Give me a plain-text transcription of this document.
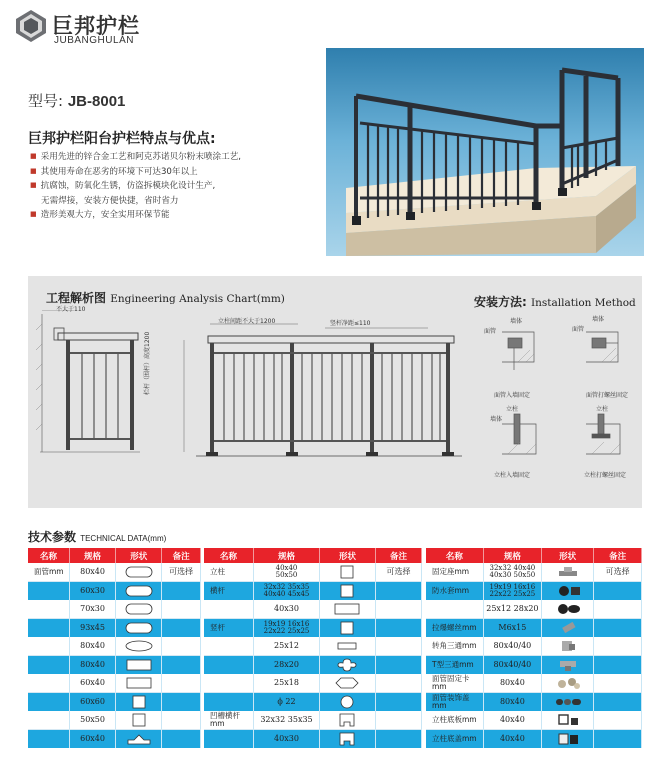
巨邦护栏
JUBANGHULAN
型号: JB-8001
巨邦护栏阳台护栏特点与优点:
■ 采用先进的锌合金工艺和阿克苏诺贝尔粉末喷涂工艺,
■ 其使用寿命在恶劣的环境下可达30年以上
■ 抗腐蚀，防氧化生锈，仿盗拆模块化设计生产,
无需焊接，安装方便快捷，省时省力
■ 造形美观大方，安全实用环保节能
工程解析图 Engineering Analysis Chart(mm)	安装方法: Installation Method
不大于110
立柱间距不大于1200	竖杆净距≤110
栏杆（围杆）高度1200
墙体
面管
面管入墙固定
墙体
面管
面管打螺丝固定
立柱
墙体
立柱入墙固定
立柱
立柱打螺丝固定
技术参数 TECHNICAL DATA(mm)
名称	规格	形状	备注
面管mm	80x40		可选择

	60x30

	70x30

	93x45

	80x40

	80x40

	60x40

	60x60

	50x50

	60x40

名称	规格	形状	备注
立柱	40x40
50x50		可选择
横杆	32x32 35x35
40x40 45x45

	40x30

竖杆	19x19 16x16
22x22 25x25

	25x12

	28x20

	25x18

	ϕ 22

凹槽横杆mm	32x32 35x35

	40x30

名称	规格	形状	备注
固定座mm	32x32 40x40
40x30 50x50		可选择
防水套mm	19x19 16x16
22x22 25x25

	25x12 28x20

拉爆螺丝mm	M6x15

转角三通mm	80x40/40

T型三通mm	80x40/40

面管固定卡mm	80x40

面管装饰盖mm	80x40

立柱底板mm	40x40

立柱底盖mm	40x40
